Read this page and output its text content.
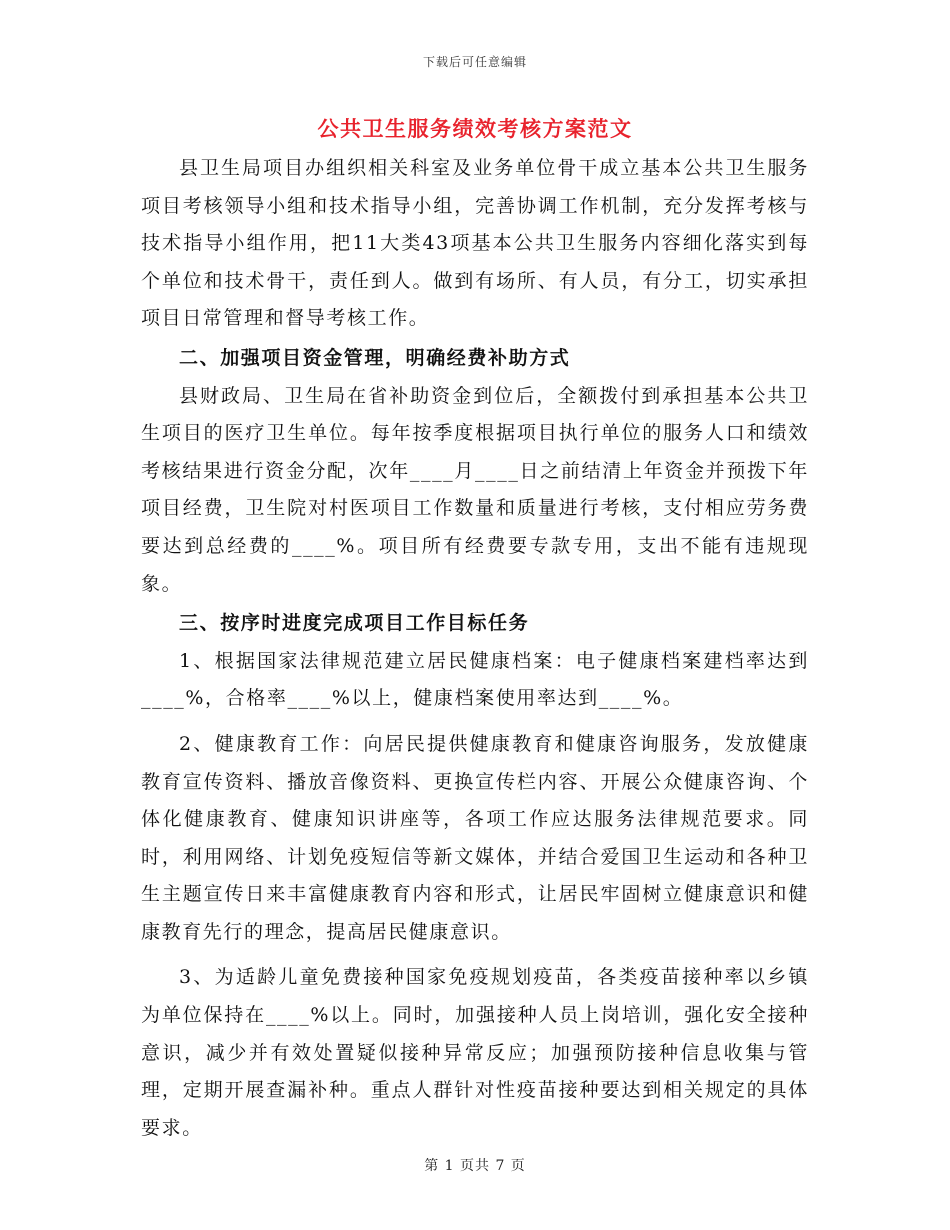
下载后可任意编辑
公共卫生服务绩效考核方案范文

县卫生局项目办组织相关科室及业务单位骨干成立基本公共卫生服务项目考核领导小组和技术指导小组，完善协调工作机制，充分发挥考核与技术指导小组作用，把11大类43项基本公共卫生服务内容细化落实到每个单位和技术骨干，责任到人。做到有场所、有人员，有分工，切实承担项目日常管理和督导考核工作。

二、加强项目资金管理，明确经费补助方式

县财政局、卫生局在省补助资金到位后，全额拨付到承担基本公共卫生项目的医疗卫生单位。每年按季度根据项目执行单位的服务人口和绩效考核结果进行资金分配，次年____月____日之前结清上年资金并预拨下年项目经费，卫生院对村医项目工作数量和质量进行考核，支付相应劳务费要达到总经费的____%。项目所有经费要专款专用，支出不能有违规现象。

三、按序时进度完成项目工作目标任务

1、根据国家法律规范建立居民健康档案：电子健康档案建档率达到____%，合格率____%以上，健康档案使用率达到____%。

2、健康教育工作：向居民提供健康教育和健康咨询服务，发放健康教育宣传资料、播放音像资料、更换宣传栏内容、开展公众健康咨询、个体化健康教育、健康知识讲座等，各项工作应达服务法律规范要求。同时，利用网络、计划免疫短信等新文媒体，并结合爱国卫生运动和各种卫生主题宣传日来丰富健康教育内容和形式，让居民牢固树立健康意识和健康教育先行的理念，提高居民健康意识。

3、为适龄儿童免费接种国家免疫规划疫苗，各类疫苗接种率以乡镇为单位保持在____%以上。同时，加强接种人员上岗培训，强化安全接种意识，减少并有效处置疑似接种异常反应；加强预防接种信息收集与管理，定期开展查漏补种。重点人群针对性疫苗接种要达到相关规定的具体要求。

第 1 页共 7 页
